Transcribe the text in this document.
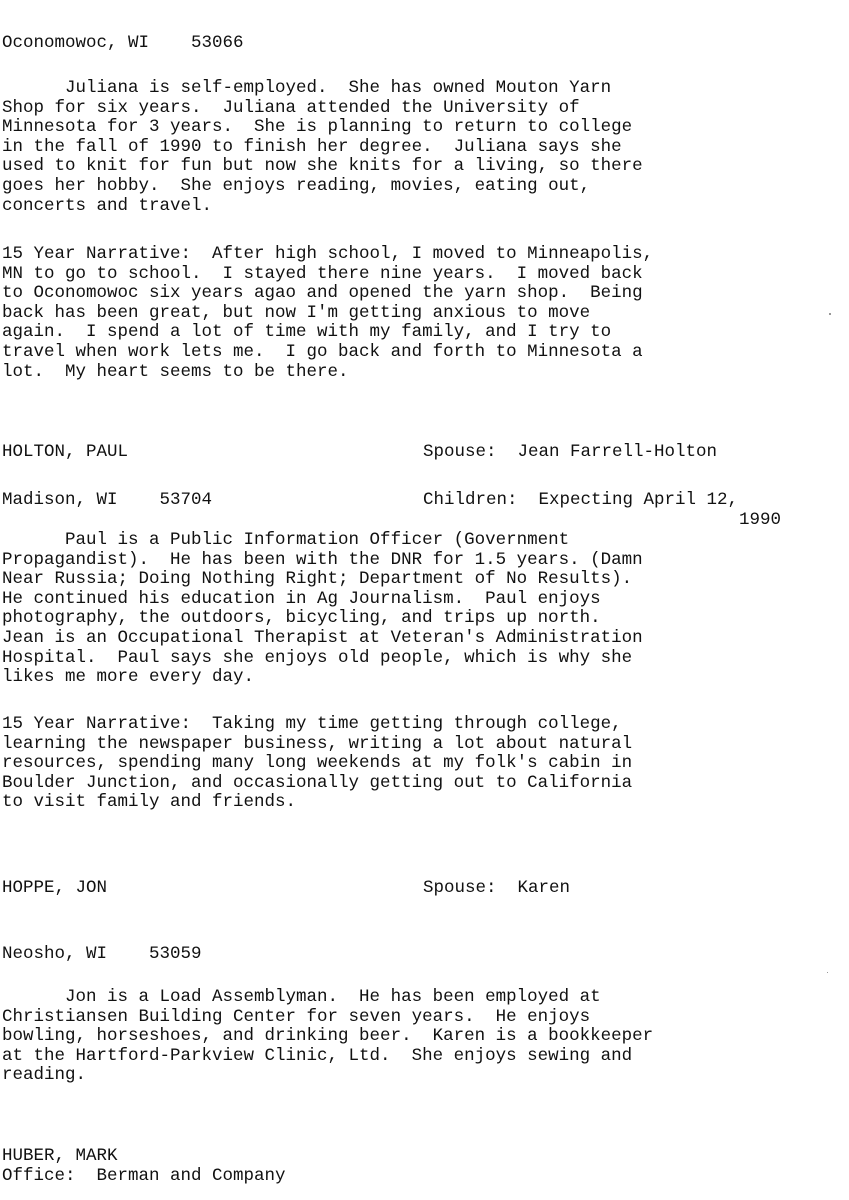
Oconomowoc, WI    53066
Juliana is self-employed.  She has owned Mouton Yarn
Shop for six years.  Juliana attended the University of
Minnesota for 3 years.  She is planning to return to college
in the fall of 1990 to finish her degree.  Juliana says she
used to knit for fun but now she knits for a living, so there
goes her hobby.  She enjoys reading, movies, eating out,
concerts and travel.
15 Year Narrative:  After high school, I moved to Minneapolis,
MN to go to school.  I stayed there nine years.  I moved back
to Oconomowoc six years agao and opened the yarn shop.  Being
back has been great, but now I'm getting anxious to move
again.  I spend a lot of time with my family, and I try to
travel when work lets me.  I go back and forth to Minnesota a
lot.  My heart seems to be there.
HOLTON, PAUL	Spouse:  Jean Farrell-Holton
Madison, WI    53704	Children:  Expecting April 12,
1990
Paul is a Public Information Officer (Government
Propagandist).  He has been with the DNR for 1.5 years. (Damn
Near Russia; Doing Nothing Right; Department of No Results).
He continued his education in Ag Journalism.  Paul enjoys
photography, the outdoors, bicycling, and trips up north.
Jean is an Occupational Therapist at Veteran's Administration
Hospital.  Paul says she enjoys old people, which is why she
likes me more every day.
15 Year Narrative:  Taking my time getting through college,
learning the newspaper business, writing a lot about natural
resources, spending many long weekends at my folk's cabin in
Boulder Junction, and occasionally getting out to California
to visit family and friends.
HOPPE, JON	Spouse:  Karen
Neosho, WI    53059
Jon is a Load Assemblyman.  He has been employed at
Christiansen Building Center for seven years.  He enjoys
bowling, horseshoes, and drinking beer.  Karen is a bookkeeper
at the Hartford-Parkview Clinic, Ltd.  She enjoys sewing and
reading.
HUBER, MARK
Office:  Berman and Company
